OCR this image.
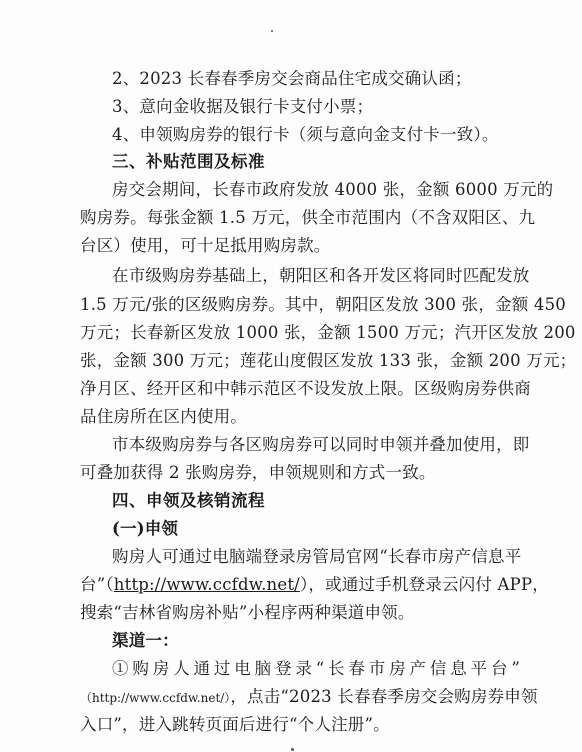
2、2023 长春春季房交会商品住宅成交确认函；
3、意向金收据及银行卡支付小票；
4、申领购房券的银行卡（须与意向金支付卡一致）。
三、补贴范围及标准
房交会期间，长春市政府发放 4000 张，金额 6000 万元的
购房券。每张金额 1.5 万元，供全市范围内（不含双阳区、九
台区）使用，可十足抵用购房款。
在市级购房券基础上，朝阳区和各开发区将同时匹配发放
1.5 万元/张的区级购房券。其中，朝阳区发放 300 张，金额 450
万元；长春新区发放 1000 张，金额 1500 万元；汽开区发放 200
张，金额 300 万元；莲花山度假区发放 133 张，金额 200 万元；
净月区、经开区和中韩示范区不设发放上限。区级购房券供商
品住房所在区内使用。
市本级购房券与各区购房券可以同时申领并叠加使用，即
可叠加获得 2 张购房券，申领规则和方式一致。
四、申领及核销流程
(一)申领
购房人可通过电脑端登录房管局官网“长春市房产信息平
台”（http://www.ccfdw.net/），或通过手机登录云闪付 APP，
搜索“吉林省购房补贴”小程序两种渠道申领。
渠道一：
①购房人通过电脑登录“长春市房产信息平台”
（http://www.ccfdw.net/），点击“2023 长春春季房交会购房券申领
入口”，进入跳转页面后进行“个人注册”。
